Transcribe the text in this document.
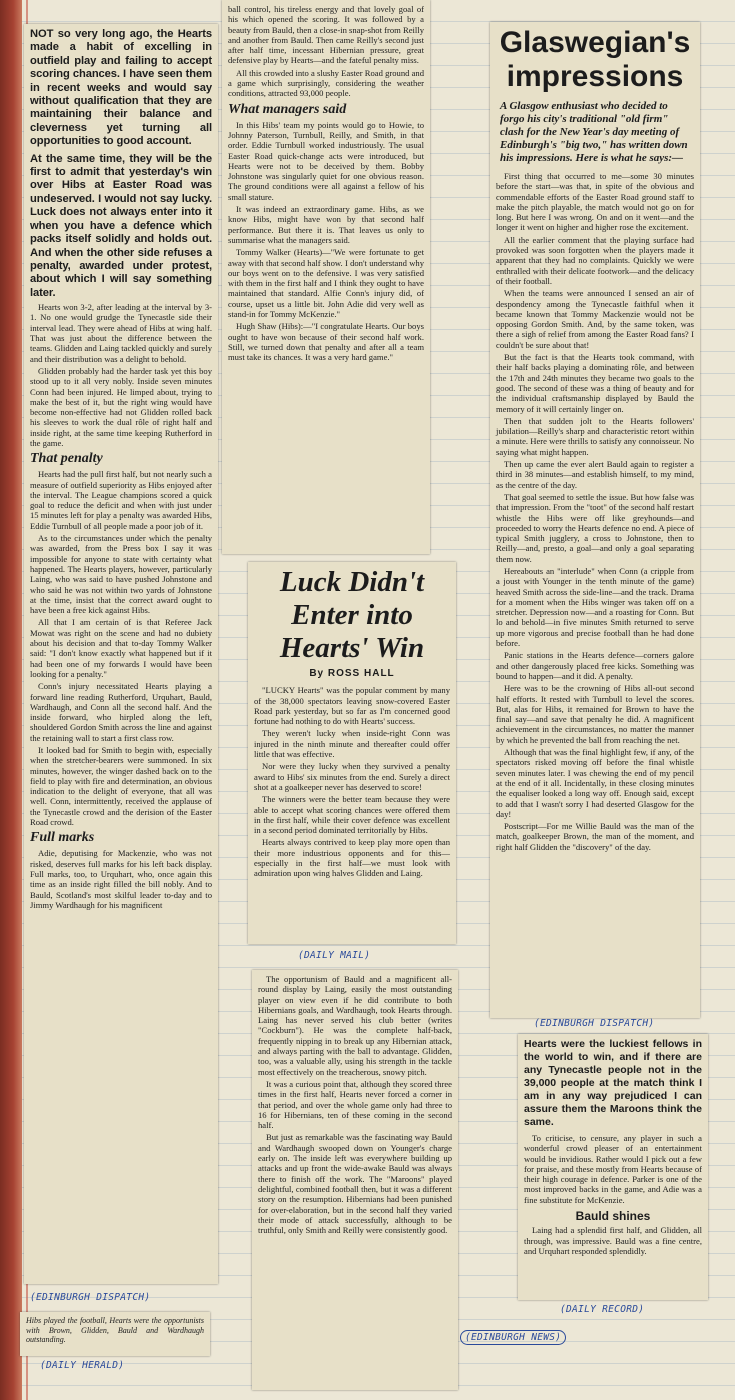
NOT so very long ago, the Hearts made a habit of excelling in outfield play and failing to accept scoring chances. I have seen them in recent weeks and would say without qualification that they are maintaining their balance and cleverness yet turning all opportunities to good account.

At the same time, they will be the first to admit that yesterday's win over Hibs at Easter Road was undeserved. I would not say lucky. Luck does not always enter into it when you have a defence which packs itself solidly and holds out. And when the other side refuses a penalty, awarded under protest, about which I will say something later.

Hearts won 3-2, after leading at the interval by 3-1. No one would grudge the Tynecastle side their interval lead. They were ahead of Hibs at wing half. That was just about the difference between the teams. Glidden and Laing tackled quickly and surely and their distribution was a delight to behold.

Glidden probably had the harder task yet this boy stood up to it all very nobly. Inside seven minutes Conn had been injured. He limped about, trying to make the best of it, but the right wing would have become non-effective had not Glidden rolled back his sleeves to work the dual rôle of right half and inside right, at the same time keeping Rutherford in the game.

That penalty

Hearts had the pull first half, but not nearly such a measure of outfield superiority as Hibs enjoyed after the interval. The League champions scored a quick goal to reduce the deficit and when with just under 15 minutes left for play a penalty was awarded Hibs, Eddie Turnbull of all people made a poor job of it.

As to the circumstances under which the penalty was awarded, from the Press box I say it was impossible for anyone to state with certainty what happened. The Hearts players, however, particularly Laing, who was said to have pushed Johnstone and who said he was not within two yards of Johnstone at the time, insist that the correct award ought to have been a free kick against Hibs.

All that I am certain of is that Referee Jack Mowat was right on the scene and had no dubiety about his decision and that to-day Tommy Walker said: "I don't know exactly what happened but if it had been one of my forwards I would have been looking for a penalty."

Conn's injury necessitated Hearts playing a forward line reading Rutherford, Urquhart, Bauld, Wardhaugh, and Conn all the second half. And the inside forward, who hirpled along the left, shouldered Gordon Smith across the line and against the retaining wall to start a first class row.

It looked bad for Smith to begin with, especially when the stretcher-bearers were summoned. In six minutes, however, the winger dashed back on to the field to play with fire and determination, an obvious indication to the delight of everyone, that all was well. Conn, intermittently, received the applause of the Tynecastle crowd and the derision of the Easter Road crowd.

Full marks

Adie, deputising for Mackenzie, who was not risked, deserves full marks for his left back display. Full marks, too, to Urquhart, who, once again this time as an inside right filled the bill nobly. And to Bauld, Scotland's most skilful leader to-day and to Jimmy Wardhaugh for his magnificent

(EDINBURGH DISPATCH)

Hibs played the football, Hearts were the opportunists with Brown, Glidden, Bauld and Wardhaugh outstanding.

(DAILY HERALD)

ball control, his tireless energy and that lovely goal of his which opened the scoring. It was followed by a beauty from Bauld, then a close-in snap-shot from Reilly and another from Bauld. Then came Reilly's second just after half time, incessant Hibernian pressure, great defensive play by Hearts—and the fateful penalty miss.

All this crowded into a slushy Easter Road ground and a game which surprisingly, considering the weather conditions, attracted 93,000 people.

What managers said

In this Hibs' team my points would go to Howie, to Johnny Paterson, Turnbull, Reilly, and Smith, in that order. Eddie Turnbull worked industriously. The usual Easter Road quick-change acts were introduced, but Hearts were not to be deceived by them. Bobby Johnstone was singularly quiet for one obvious reason. The ground conditions were all against a fellow of his small stature.

It was indeed an extraordinary game. Hibs, as we know Hibs, might have won by that second half performance. But there it is. That leaves us only to summarise what the managers said.

Tommy Walker (Hearts)—"We were fortunate to get away with that second half show. I don't understand why our boys went on to the defensive. I was very satisfied with them in the first half and I think they ought to have maintained that standard. Alfie Conn's injury did, of course, upset us a little bit. John Adie did very well as stand-in for Tommy McKenzie."

Hugh Shaw (Hibs):—"I congratulate Hearts. Our boys ought to have won because of their second half work. Still, we turned down that penalty and after all a team must take its chances. It was a very hard game."

Luck Didn't Enter into Hearts' Win
By ROSS HALL

"LUCKY Hearts" was the popular comment by many of the 38,000 spectators leaving snow-covered Easter Road park yesterday, but so far as I'm concerned good fortune had nothing to do with Hearts' success.

They weren't lucky when inside-right Conn was injured in the ninth minute and thereafter could offer little that was effective.

Nor were they lucky when they survived a penalty award to Hibs' six minutes from the end. Surely a direct shot at a goalkeeper never has deserved to score!

The winners were the better team because they were able to accept what scoring chances were offered them in the first half, while their cover defence was excellent in a second period dominated territorially by Hibs.

Hearts always contrived to keep play more open than their more industrious opponents and for this—especially in the first half—we must look with admiration upon wing halves Glidden and Laing.

(DAILY MAIL)

The opportunism of Bauld and a magnificent all-round display by Laing, easily the most outstanding player on view even if he did contribute to both Hibernians goals, and Wardhaugh, took Hearts through. Laing has never served his club better (writes "Cockburn"). He was the complete half-back, frequently nipping in to break up any Hibernian attack, and always parting with the ball to advantage. Glidden, too, was a valuable ally, using his strength in the tackle most effectively on the treacherous, snowy pitch.

It was a curious point that, although they scored three times in the first half, Hearts never forced a corner in that period, and over the whole game only had three to 16 for Hibernians, ten of these coming in the second half.

But just as remarkable was the fascinating way Bauld and Wardhaugh swooped down on Younger's charge early on. The inside left was everywhere building up attacks and up front the wide-awake Bauld was always there to finish off the work. The "Maroons" played delightful, combined football then, but it was a different story on the resumption. Hibernians had been punished for over-elaboration, but in the second half they varied their mode of attack successfully, although to be truthful, only Smith and Reilly were consistently good.

(EDINBURGH NEWS)
Glaswegian's impressions
A Glasgow enthusiast who decided to forgo his city's traditional "old firm" clash for the New Year's day meeting of Edinburgh's "big two," has written down his impressions. Here is what he says:—

First thing that occurred to me—some 30 minutes before the start—was that, in spite of the obvious and commendable efforts of the Easter Road ground staff to make the pitch playable, the match would not go on for long. But here I was wrong. On and on it went—and the longer it went on higher and higher rose the excitement.

All the earlier comment that the playing surface had provoked was soon forgotten when the players made it apparent that they had no complaints. Quickly we were enthralled with their delicate footwork—and the delicacy of their football.

When the teams were announced I sensed an air of despondency among the Tynecastle faithful when it became known that Tommy Mackenzie would not be opposing Gordon Smith. And, by the same token, was there a sigh of relief from among the Easter Road fans? I couldn't be sure about that!

But the fact is that the Hearts took command, with their half backs playing a dominating rôle, and between the 17th and 24th minutes they became two goals to the good. The second of these was a thing of beauty and for the individual craftsmanship displayed by Bauld the memory of it will certainly linger on.

Then that sudden jolt to the Hearts followers' jubilation—Reilly's sharp and characteristic retort within a minute. Here were thrills to satisfy any connoisseur. No saying what might happen.

Then up came the ever alert Bauld again to register a third in 38 minutes—and establish himself, to my mind, as the centre of the day.

That goal seemed to settle the issue. But how false was that impression. From the "toot" of the second half restart whistle the Hibs were off like greyhounds—and proceeded to worry the Hearts defence no end. A piece of typical Smith jugglery, a cross to Johnstone, then to Reilly—and, presto, a goal—and only a goal separating them now.

Hereabouts an "interlude" when Conn (a cripple from a joust with Younger in the tenth minute of the game) heaved Smith across the side-line—and the track. Drama for a moment when the Hibs winger was taken off on a stretcher. Depression now—and a roasting for Conn. But lo and behold—in five minutes Smith returned to serve up more vigorous and precise football than he had done before.

Panic stations in the Hearts defence—corners galore and other dangerously placed free kicks. Something was bound to happen—and it did. A penalty.

Here was to be the crowning of Hibs all-out second half efforts. It rested with Turnbull to level the scores. But, alas for Hibs, it remained for Brown to have the final say—and save that penalty he did. A magnificent achievement in the circumstances, no matter the manner by which he prevented the ball from reaching the net.

Although that was the final highlight few, if any, of the spectators risked moving off before the final whistle seven minutes later. I was chewing the end of my pencil at the end of it all. Incidentally, in these closing minutes the equaliser looked a long way off. Enough said, except to add that I wasn't sorry I had deserted Glasgow for the day!

Postscript—For me Willie Bauld was the man of the match, goalkeeper Brown, the man of the moment, and right half Glidden the "discovery" of the day.

(EDINBURGH DISPATCH)

Hearts were the luckiest fellows in the world to win, and if there are any Tynecastle people not in the 39,000 people at the match think I am in any way prejudiced I can assure them the Maroons think the same.

To criticise, to censure, any player in such a wonderful crowd pleaser of an entertainment would be invidious. Rather would I pick out a few for praise, and these mostly from Hearts because of their high courage in defence. Parker is one of the most improved backs in the game, and Adie was a fine substitute for McKenzie.

Bauld shines

Laing had a splendid first half, and Glidden, all through, was impressive. Bauld was a fine centre, and Urquhart responded splendidly.

(DAILY RECORD)
